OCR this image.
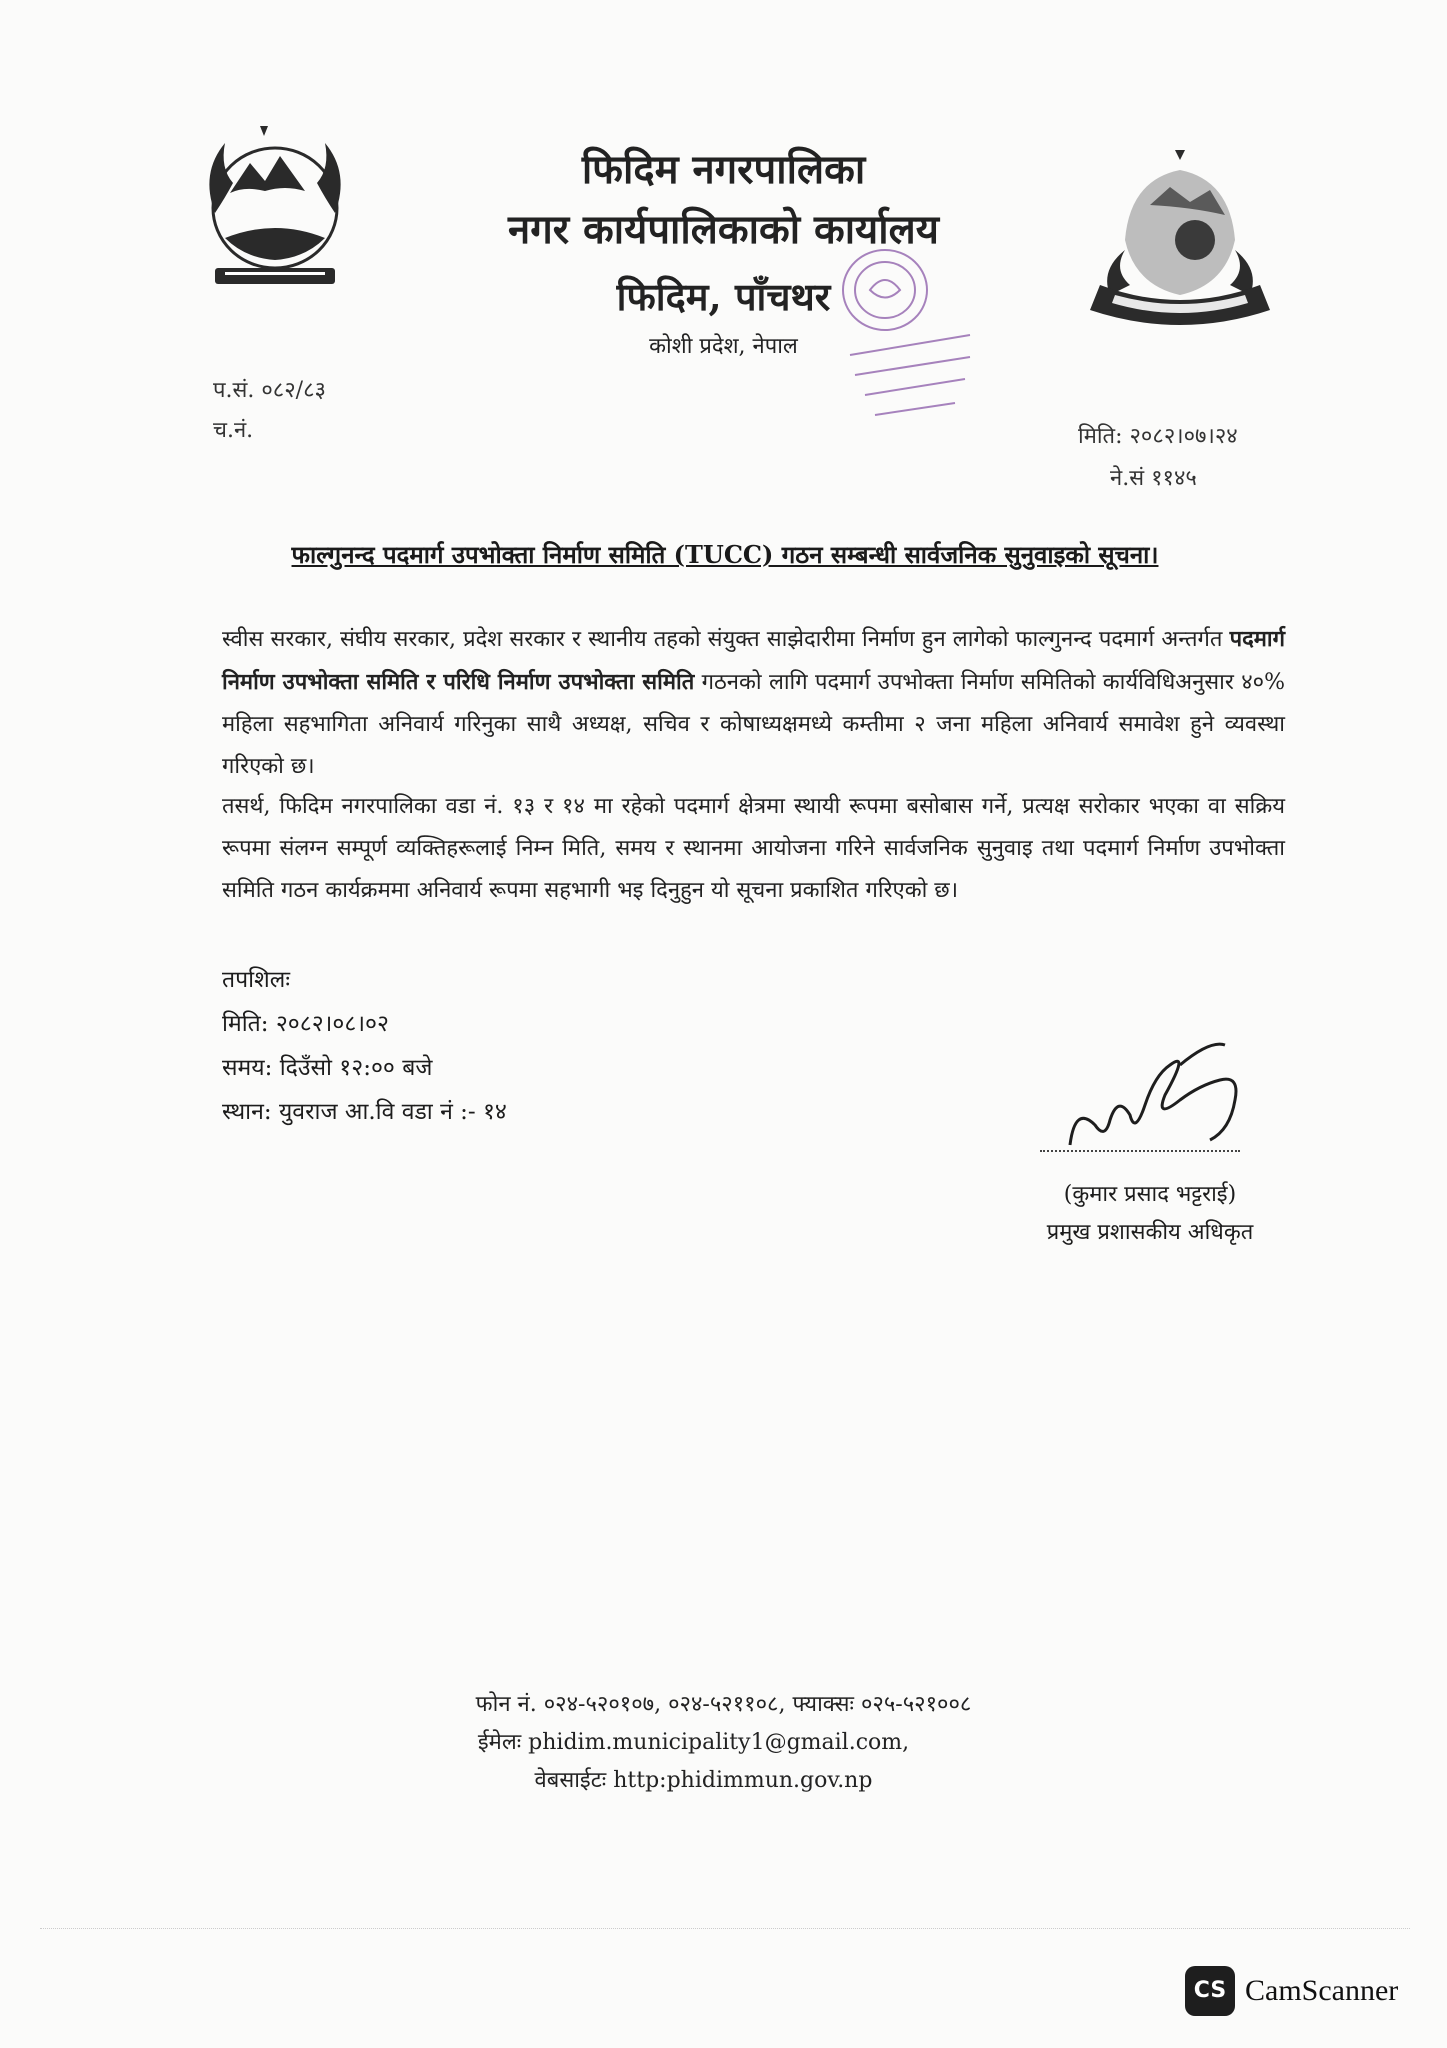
फिदिम नगरपालिका
नगर कार्यपालिकाको कार्यालय
फिदिम, पाँचथर
कोशी प्रदेश, नेपाल
प.सं. ०८२/८३
च.नं.	मिति: २०८२।०७।२४
ने.सं ११४५
फाल्गुनन्द पदमार्ग उपभोक्ता निर्माण समिति (TUCC) गठन सम्बन्धी सार्वजनिक सुनुवाइको सूचना।
स्वीस सरकार, संघीय सरकार, प्रदेश सरकार र स्थानीय तहको संयुक्त साझेदारीमा निर्माण हुन लागेको फाल्गुनन्द पदमार्ग अन्तर्गत पदमार्ग निर्माण उपभोक्ता समिति र परिधि निर्माण उपभोक्ता समिति गठनको लागि पदमार्ग उपभोक्ता निर्माण समितिको कार्यविधिअनुसार ४०% महिला सहभागिता अनिवार्य गरिनुका साथै अध्यक्ष, सचिव र कोषाध्यक्षमध्ये कम्तीमा २ जना महिला अनिवार्य समावेश हुने व्यवस्था गरिएको छ।
तसर्थ, फिदिम नगरपालिका वडा नं. १३ र १४ मा रहेको पदमार्ग क्षेत्रमा स्थायी रूपमा बसोबास गर्ने, प्रत्यक्ष सरोकार भएका वा सक्रिय रूपमा संलग्न सम्पूर्ण व्यक्तिहरूलाई निम्न मिति, समय र स्थानमा आयोजना गरिने सार्वजनिक सुनुवाइ तथा पदमार्ग निर्माण उपभोक्ता समिति गठन कार्यक्रममा अनिवार्य रूपमा सहभागी भइ दिनुहुन यो सूचना प्रकाशित गरिएको छ।
तपशिलः
मिति: २०८२।०८।०२
समय: दिउँसो १२:०० बजे
स्थान: युवराज आ.वि वडा नं :- १४
(कुमार प्रसाद भट्टराई)
प्रमुख प्रशासकीय अधिकृत
फोन नं. ०२४-५२०१०७, ०२४-५२११०८, फ्याक्सः ०२५-५२१००८
ईमेलः phidim.municipality1@gmail.com,
वेबसाईटः http:phidimmun.gov.np
CS CamScanner
